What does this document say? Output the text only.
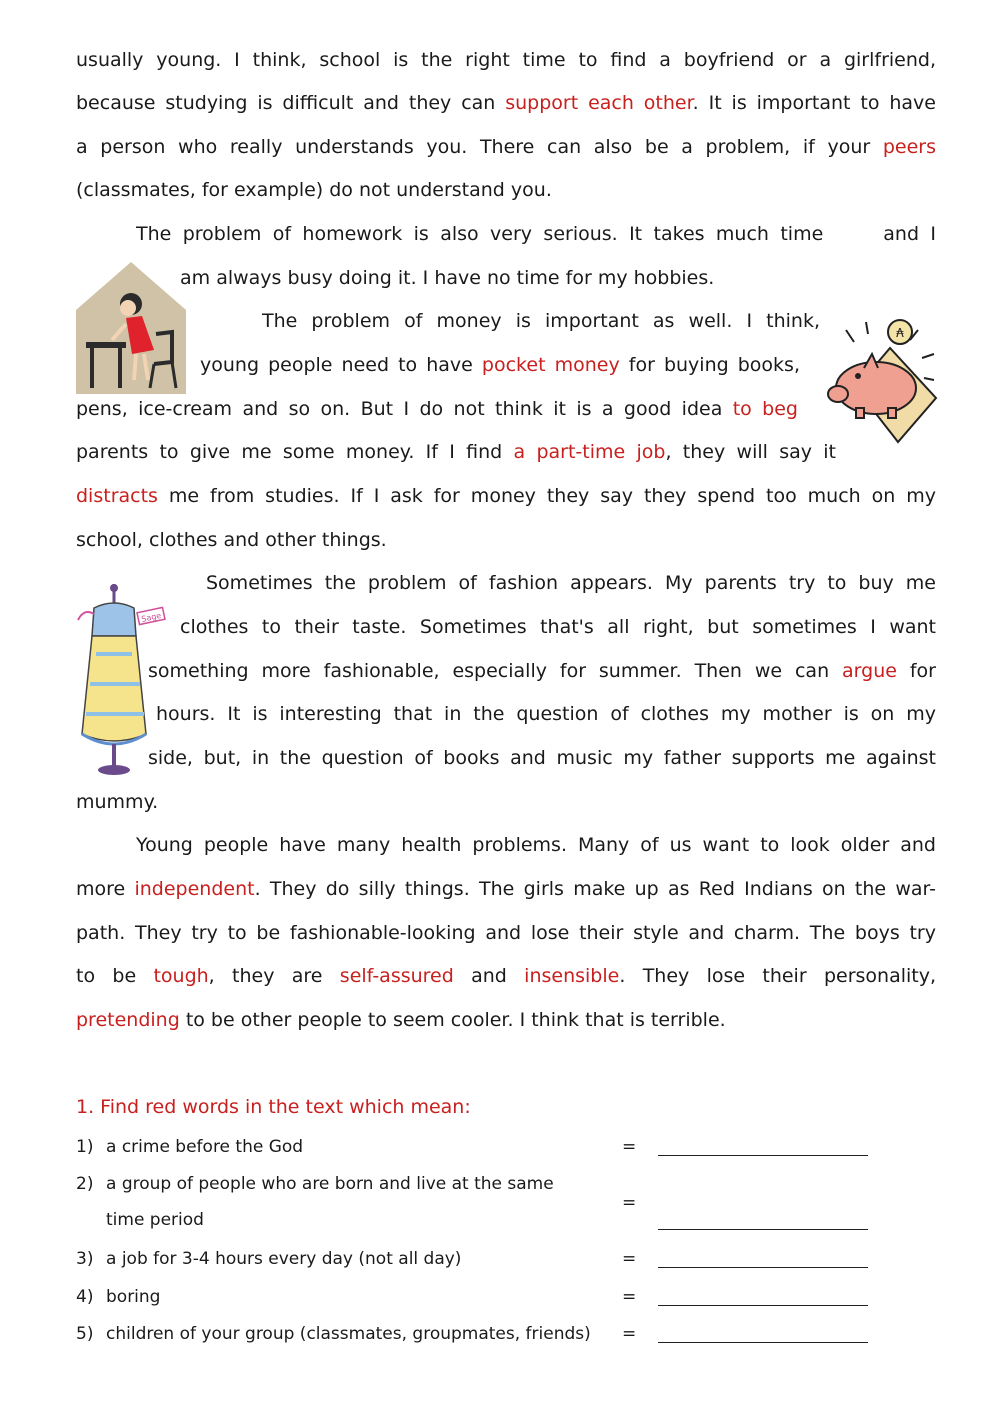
usually young. I think, school is the right time to find a boyfriend or a girlfriend,
because studying is difficult and they can support each other. It is important to have
a person who really understands you. There can also be a problem, if your peers
(classmates, for example) do not understand you.
The problem of homework is also very serious. It takes much time	and I
am always busy doing it. I have no time for my hobbies.
The problem of money is important as well. I think,
young people need to have pocket money for buying books,
pens, ice-cream and so on. But I do not think it is a good idea to beg
parents to give me some money. If I find a part-time job, they will say it
distracts me from studies. If I ask for money they say they spend too much on my
school, clothes and other things.
Sometimes the problem of fashion appears. My parents try to buy me
clothes to their taste. Sometimes that's all right, but sometimes I want
something more fashionable, especially for summer. Then we can argue for
hours. It is interesting that in the question of clothes my mother is on my
side, but, in the question of books and music my father supports me against
mummy.
Young people have many health problems. Many of us want to look older and
more independent. They do silly things. The girls make up as Red Indians on the war-
path. They try to be fashionable-looking and lose their style and charm. The boys try
to be tough, they are self-assured and insensible. They lose their personality,
pretending to be other people to seem cooler. I think that is terrible.
₳
Sage
1. Find red words in the text which mean:
1) a crime before the God	=
2) a group of people who are born and live at the same
time period
=
3) a job for 3-4 hours every day (not all day)	=
4) boring	=
5) children of your group (classmates, groupmates, friends) =
